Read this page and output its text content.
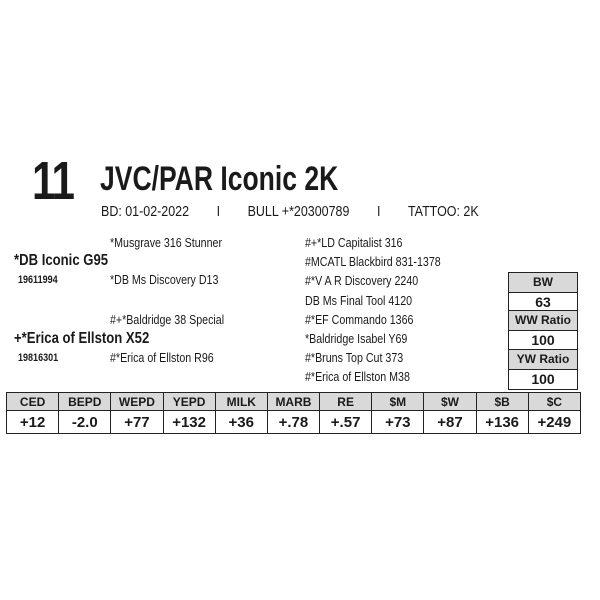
11 JVC/PAR Iconic 2K
BD: 01-02-2022 I BULL +*20300789 I TATTOO: 2K
*DB Iconic G95
19611994
+*Erica of Ellston X52
19816301
*Musgrave 316 Stunner
*DB Ms Discovery D13
#+*Baldridge 38 Special
#*Erica of Ellston R96
#+*LD Capitalist 316
#MCATL Blackbird 831-1378
#*V A R Discovery 2240
DB Ms Final Tool 4120
#*EF Commando 1366
*Baldridge Isabel Y69
#*Bruns Top Cut 373
#*Erica of Ellston M38
BW
63
WW Ratio
100
YW Ratio
100
CED	BEPD	WEPD	YEPD	MILK	MARB	RE	$M	$W	$B	$C
+12	-2.0	+77	+132	+36	+.78	+.57	+73	+87	+136	+249
